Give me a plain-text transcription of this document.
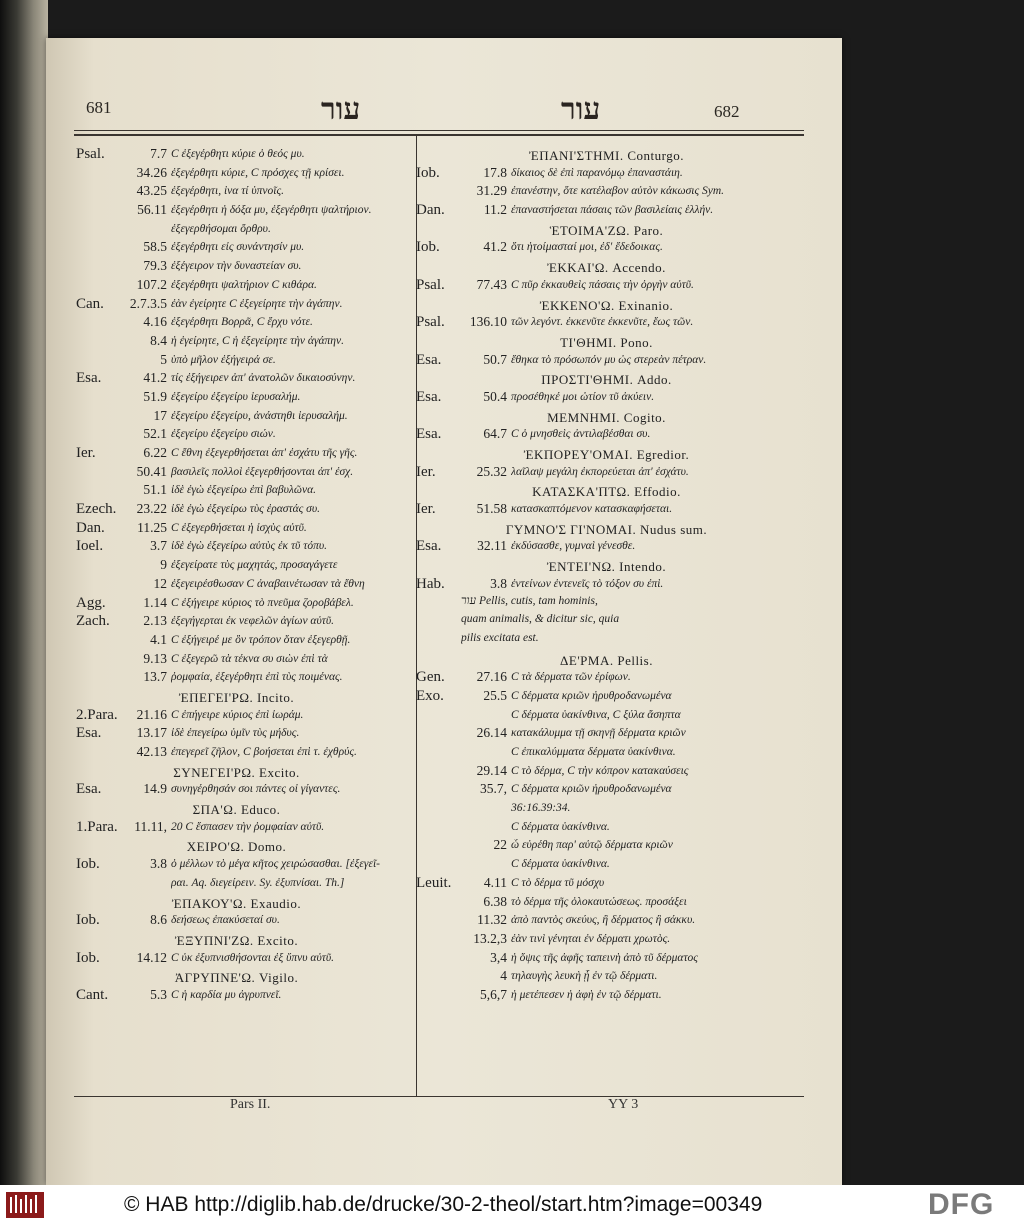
681	עור	עור	682
Psal.	7.7 Ϲ ἐξεγέρθητι κύριε ὁ θεός μυ.
34.26 ἐξεγέρθητι κύριε, Ϲ πρόσχες τῇ κρίσει.
43.25 ἐξεγέρθητι, ἱνα τί ὑπνοῖς.
56.11 ἐξεγέρθητι ἡ δόξα μυ, ἐξεγέρθητι ψαλτήριον.
ἐξεγερθήσομαι ὄρθρυ.
58.5 ἐξεγέρθητι εἰς συνάντησίν μυ.
79.3 ἐξέγειρον τὴν δυναστείαν συ.
107.2 ἐξεγέρθητι ψαλτήριον Ϲ κιθάρα.
Can.	2.7.3.5 ἐὰν ἐγείρητε Ϲ ἐξεγείρητε τὴν ἀγάπην.
4.16 ἐξεγέρθητι Βορρᾶ, Ϲ ἔρχυ νότε.
8.4 ἡ ἐγείρητε, Ϲ ἡ ἐξεγείρητε τὴν ἀγάπην.
5 ὑπὸ μῆλον ἐξήγειρά σε.
Esa.	41.2 τίς ἐξήγειρεν ἀπ' ἀνατολῶν δικαιοσύνην.
51.9 ἐξεγείρυ ἐξεγείρυ ἱερυσαλήμ.
17 ἐξεγείρυ ἐξεγείρυ, ἀνάστηθι ἱερυσαλήμ.
52.1 ἐξεγείρυ ἐξεγείρυ σιών.
Ier.	6.22 Ϲ ἔθνη ἐξεγερθήσεται ἀπ' ἐσχάτυ τῆς γῆς.
50.41 βασιλεῖς πολλοὶ ἐξεγερθήσονται ἀπ' ἐσχ.
51.1 ἰδὲ ἐγὼ ἐξεγείρω ἐπὶ βαβυλῶνα.
Ezech.	23.22 ἰδὲ ἐγὼ ἐξεγείρω τὺς ἐραστάς συ.
Dan.	11.25 Ϲ ἐξεγερθήσεται ἡ ἰσχὺς αὐτῦ.
Ioel.	3.7 ἰδὲ ἐγὼ ἐξεγείρω αὐτὺς ἐκ τῦ τόπυ.
9 ἐξεγείρατε τὺς μαχητάς, προσαγάγετε
12 ἐξεγειρέσθωσαν Ϲ ἀναβαινέτωσαν τὰ ἔθνη
Agg.	1.14 Ϲ ἐξήγειρε κύριος τὸ πνεῦμα ζοροβάβελ.
Zach.	2.13 ἐξεγήγερται ἐκ νεφελῶν ἁγίων αὐτῦ.
4.1 Ϲ ἐξήγειρέ με ὃν τρόπον ὅταν ἐξεγερθῇ.
9.13 Ϲ ἐξεγερῶ τὰ τέκνα συ σιὼν ἐπὶ τὰ
13.7 ῥομφαία, ἐξεγέρθητι ἐπὶ τὺς ποιμένας.
ἘΠΕΓΕΙ'ΡΩ. Incito.
2.Para.	21.16 Ϲ ἐπήγειρε κύριος ἐπὶ ἰωράμ.
Esa.	13.17 ἰδὲ ἐπεγείρω ὑμῖν τὺς μήδυς.
42.13 ἐπεγερεῖ ζῆλον, Ϲ βοήσεται ἐπὶ τ. ἐχθρύς.
ΣΥΝΕΓΕΙ'ΡΩ. Excito.
Esa.	14.9 συνηγέρθησάν σοι πάντες οἱ γίγαντες.
ΣΠΑ'Ω. Educo.
1.Para.	11.11, 20 Ϲ ἔσπασεν τὴν ῥομφαίαν αὐτῦ.
ΧΕΙΡΟ'Ω. Domo.
Iob.	3.8 ὁ μέλλων τὸ μέγα κῆτος χειρώσασθαι. [ἐξεγεῖ-
ραι. Aq. διεγείρειν. Sy. ἐξυπνίσαι. Th.]
ἘΠΑΚΟΥ'Ω. Exaudio.
Iob.	8.6 δεήσεως ἐπακύσεταί συ.
ἘΞΥΠΝΙ'ΖΩ. Excito.
Iob.	14.12 Ϲ ὐκ ἐξυπνισθήσονται ἐξ ὕπνυ αὐτῦ.
ἈΓΡΥΠΝΕ'Ω. Vigilo.
Cant.	5.3 Ϲ ἡ καρδία μυ ἀγρυπνεῖ.
ἘΠΑΝΙ'ΣΤΗΜΙ. Conturgo.
Iob.	17.8 δίκαιος δὲ ἐπὶ παρανόμῳ ἐπαναστάιη.
31.29 ἐπανέστην, ὅτε κατέλαβον αὐτὸν κάκωσις Sym.
Dan.	11.2 ἐπαναστήσεται πάσαις τῶν βασιλείαις ἑλλήν.
ἙΤΟΙΜΑ'ΖΩ. Paro.
Iob.	41.2 ὅτι ἡτοίμασταί μοι, ἐδ' ἔδεδοικας.
ἘΚΚΑΙ'Ω. Accendo.
Psal.	77.43 Ϲ πῦρ ἐκκαυθεὶς πάσαις τὴν ὀργὴν αὐτῦ.
ἘΚΚΕΝΟ'Ω. Exinanio.
Psal.	136.10 τῶν λεγόντ. ἐκκενῦτε ἐκκενῦτε, ἕως τῶν.
ΤΙ'ΘΗΜΙ. Pono.
Esa.	50.7 ἔθηκα τὸ πρόσωπόν μυ ὡς στερεὰν πέτραν.
ΠΡΟΣΤΙ'ΘΗΜΙ. Addo.
Esa.	50.4 προσέθηκέ μοι ὠτίον τῦ ἀκύειν.
ΜΕΜΝΗΜΙ. Cogito.
Esa.	64.7 Ϲ ὁ μνησθεὶς ἀντιλαβέσθαι συ.
ἘΚΠΟΡΕΥ'ΟΜΑΙ. Egredior.
Ier.	25.32 λαῖλαψ μεγάλη ἐκπορεύεται ἀπ' ἐσχάτυ.
ΚΑΤΑΣΚΑ'ΠΤΩ. Effodio.
Ier.	51.58 κατασκαπτόμενον κατασκαφήσεται.
ΓΥΜΝΟ'Σ ΓΙ'ΝΟΜΑΙ. Nudus sum.
Esa.	32.11 ἐκδύσασθε, γυμναὶ γένεσθε.
ἘΝΤΕΙ'ΝΩ. Intendo.
Hab.	3.8 ἐντείνων ἐντενεῖς τὸ τόξον συ ἐπὶ.
עור Pellis, cutis, tam hominis,
quam animalis, & dicitur sic, quia
pilis excitata est.
ΔΕ'ΡΜΑ. Pellis.
Gen.	27.16 Ϲ τὰ δέρματα τῶν ἐρίφων.
Exo.	25.5 Ϲ δέρματα κριῶν ἠρυθροδανωμένα
Ϲ δέρματα ὑακίνθινα, Ϲ ξύλα ἄσηπτα
26.14 κατακάλυμμα τῇ σκηνῇ δέρματα κριῶν
Ϲ ἐπικαλύμματα δέρματα ὑακίνθινα.
29.14 Ϲ τὸ δέρμα, Ϲ τὴν κόπρον κατακαύσεις
35.7, Ϲ δέρματα κριῶν ἠρυθροδανωμένα
36:16.39:34.
Ϲ δέρματα ὑακίνθινα.
22 ὧ εὑρέθη παρ' αὐτῷ δέρματα κριῶν
Ϲ δέρματα ὑακίνθινα.
Leuit.	4.11 Ϲ τὸ δέρμα τῦ μόσχυ
6.38 τὸ δέρμα τῆς ὁλοκαυτώσεως. προσάξει
11.32 ἀπὸ παντὸς σκεύυς, ἢ δέρματος ἢ σάκκυ.
13.2,3 ἐὰν τινὶ γένηται ἐν δέρματι χρωτὸς.
3,4 ἡ ὄψις τῆς ἀφῆς ταπεινὴ ἀπὸ τῦ δέρματος
4 τηλαυγὴς λευκὴ ᾖ ἐν τῷ δέρματι.
5,6,7 ἡ μετέπεσεν ἡ ἀφὴ ἐν τῷ δέρματι.
Pars II.	YY 3
© HAB http://diglib.hab.de/drucke/30-2-theol/start.htm?image=00349	DFG
